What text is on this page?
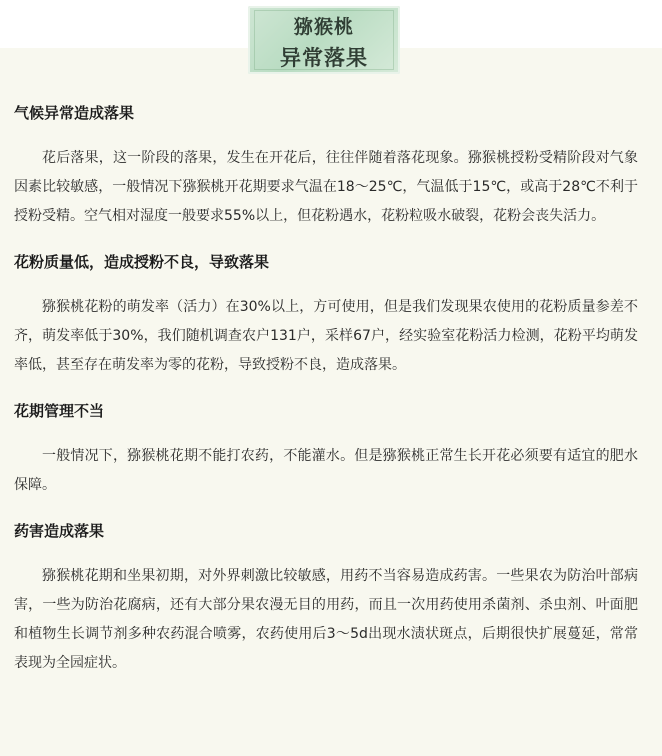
猕猴桃
异常落果
气候异常造成落果

花后落果，这一阶段的落果，发生在开花后，往往伴随着落花现象。猕猴桃授粉受精阶段对气象因素比较敏感，一般情况下猕猴桃开花期要求气温在18～25℃，气温低于15℃，或高于28℃不利于授粉受精。空气相对湿度一般要求55%以上，但花粉遇水，花粉粒吸水破裂，花粉会丧失活力。

花粉质量低，造成授粉不良，导致落果

猕猴桃花粉的萌发率（活力）在30%以上，方可使用，但是我们发现果农使用的花粉质量参差不齐，萌发率低于30%，我们随机调查农户131户，采样67户，经实验室花粉活力检测，花粉平均萌发率低，甚至存在萌发率为零的花粉，导致授粉不良，造成落果。

花期管理不当

一般情况下，猕猴桃花期不能打农药，不能灌水。但是猕猴桃正常生长开花必须要有适宜的肥水保障。

药害造成落果

猕猴桃花期和坐果初期，对外界刺激比较敏感，用药不当容易造成药害。一些果农为防治叶部病害，一些为防治花腐病，还有大部分果农漫无目的用药，而且一次用药使用杀菌剂、杀虫剂、叶面肥和植物生长调节剂多种农药混合喷雾，农药使用后3～5d出现水渍状斑点，后期很快扩展蔓延，常常表现为全园症状。
